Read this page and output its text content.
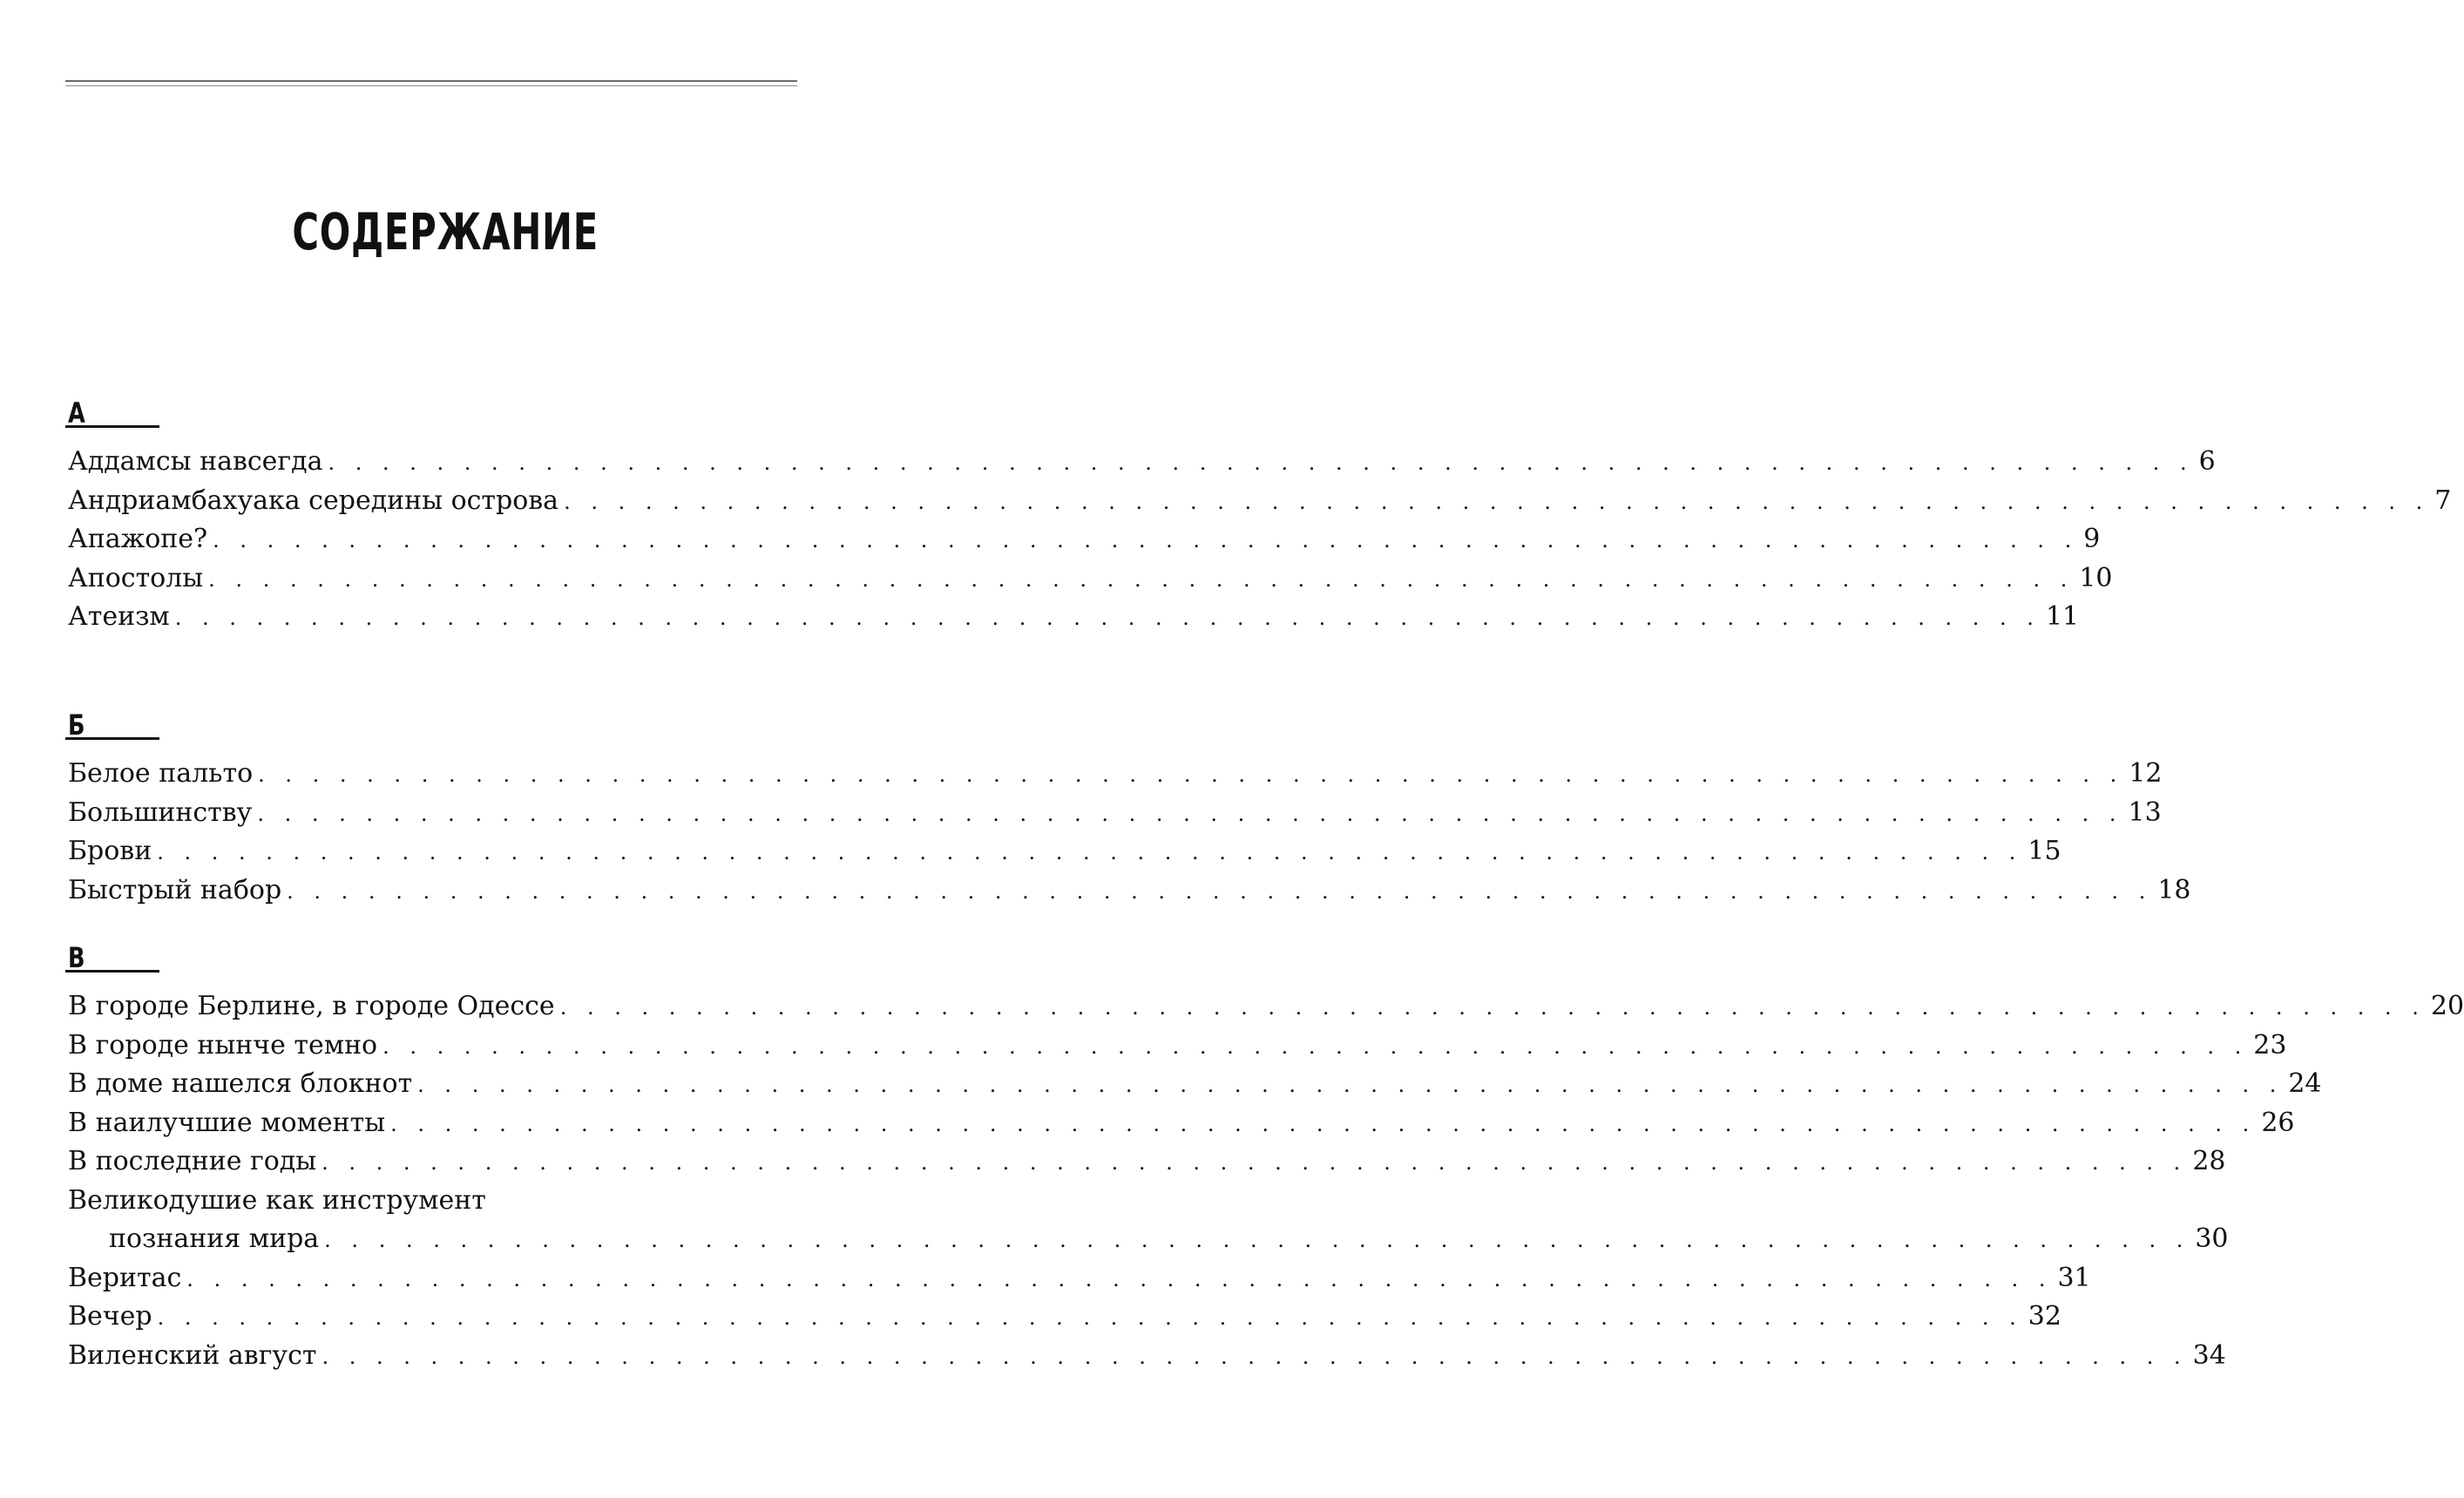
СОДЕРЖАНИЕ
А
Аддамсы навсегда . . . . . . . . . . . . . . . . . . . . . . . . . . . . . . . . . . . . . . . . . . . . . . . . . . . . . . . . . . . . . . . . . . . . . 6
Андриамбахуака середины острова . . . . . . . . . . . . . . . . . . . . . . . . . . . . . . . . . . . . . . . . . . . . . . . . . . . . . . . . . . . . . . . . . . . . . 7
Апажопе? . . . . . . . . . . . . . . . . . . . . . . . . . . . . . . . . . . . . . . . . . . . . . . . . . . . . . . . . . . . . . . . . . . . . . 9
Апостолы . . . . . . . . . . . . . . . . . . . . . . . . . . . . . . . . . . . . . . . . . . . . . . . . . . . . . . . . . . . . . . . . . . . . . 10
Атеизм . . . . . . . . . . . . . . . . . . . . . . . . . . . . . . . . . . . . . . . . . . . . . . . . . . . . . . . . . . . . . . . . . . . . . 11
Б
Белое пальто . . . . . . . . . . . . . . . . . . . . . . . . . . . . . . . . . . . . . . . . . . . . . . . . . . . . . . . . . . . . . . . . . . . . . 12
Большинству . . . . . . . . . . . . . . . . . . . . . . . . . . . . . . . . . . . . . . . . . . . . . . . . . . . . . . . . . . . . . . . . . . . . . 13
Брови . . . . . . . . . . . . . . . . . . . . . . . . . . . . . . . . . . . . . . . . . . . . . . . . . . . . . . . . . . . . . . . . . . . . . 15
Быстрый набор . . . . . . . . . . . . . . . . . . . . . . . . . . . . . . . . . . . . . . . . . . . . . . . . . . . . . . . . . . . . . . . . . . . . . 18
В
В городе Берлине, в городе Одессе . . . . . . . . . . . . . . . . . . . . . . . . . . . . . . . . . . . . . . . . . . . . . . . . . . . . . . . . . . . . . . . . . . . . . 20
В городе нынче темно . . . . . . . . . . . . . . . . . . . . . . . . . . . . . . . . . . . . . . . . . . . . . . . . . . . . . . . . . . . . . . . . . . . . . 23
В доме нашелся блокнот . . . . . . . . . . . . . . . . . . . . . . . . . . . . . . . . . . . . . . . . . . . . . . . . . . . . . . . . . . . . . . . . . . . . . 24
В наилучшие моменты . . . . . . . . . . . . . . . . . . . . . . . . . . . . . . . . . . . . . . . . . . . . . . . . . . . . . . . . . . . . . . . . . . . . . 26
В последние годы . . . . . . . . . . . . . . . . . . . . . . . . . . . . . . . . . . . . . . . . . . . . . . . . . . . . . . . . . . . . . . . . . . . . . 28
Великодушие как инструмент
познания мира . . . . . . . . . . . . . . . . . . . . . . . . . . . . . . . . . . . . . . . . . . . . . . . . . . . . . . . . . . . . . . . . . . . . . 30
Веритас . . . . . . . . . . . . . . . . . . . . . . . . . . . . . . . . . . . . . . . . . . . . . . . . . . . . . . . . . . . . . . . . . . . . . 31
Вечер . . . . . . . . . . . . . . . . . . . . . . . . . . . . . . . . . . . . . . . . . . . . . . . . . . . . . . . . . . . . . . . . . . . . . 32
Виленский август . . . . . . . . . . . . . . . . . . . . . . . . . . . . . . . . . . . . . . . . . . . . . . . . . . . . . . . . . . . . . . . . . . . . . 34
